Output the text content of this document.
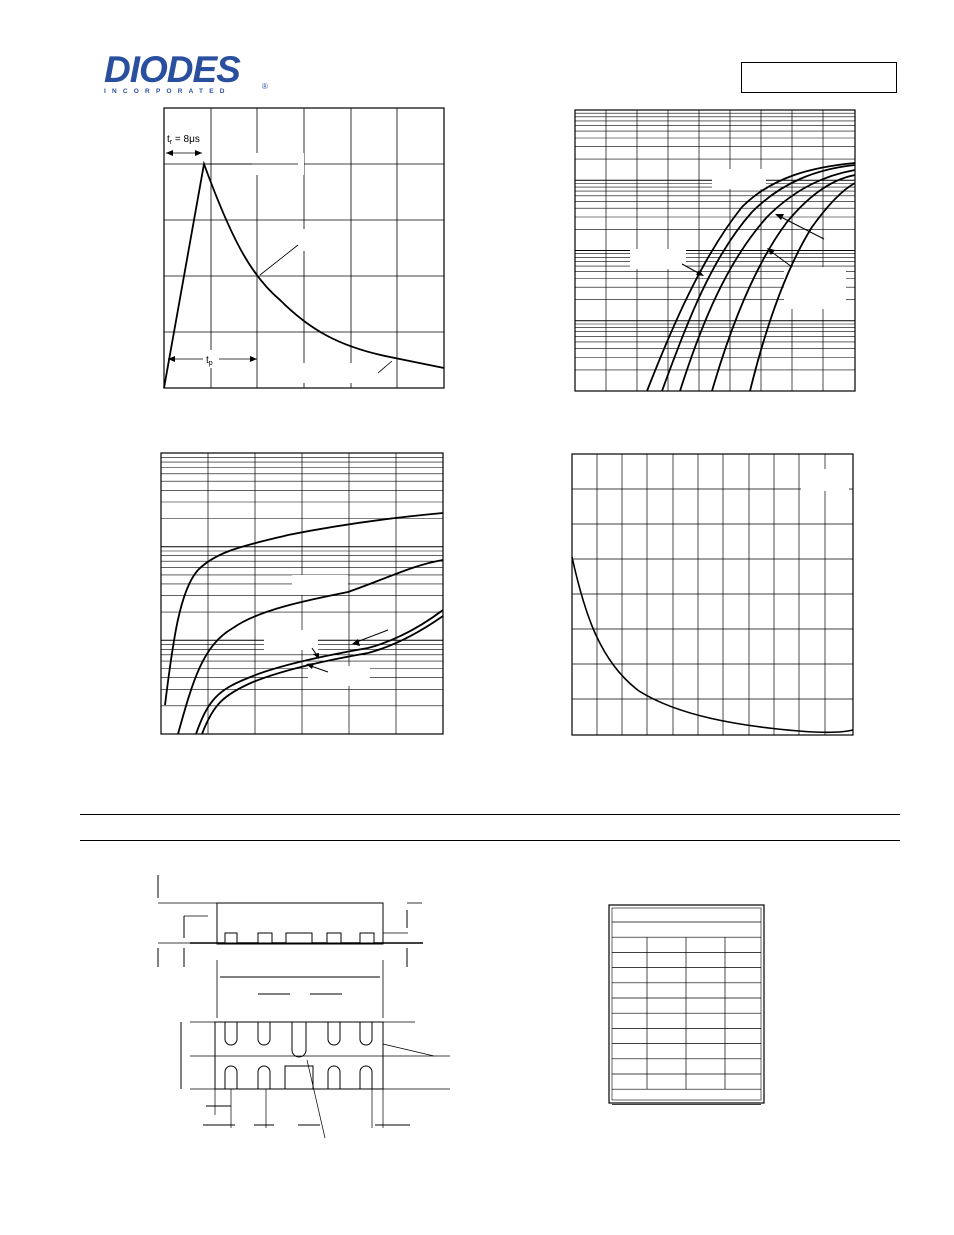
DIODES
INCORPORATED
®
$t_r = 8\mu s$
$t_p$
